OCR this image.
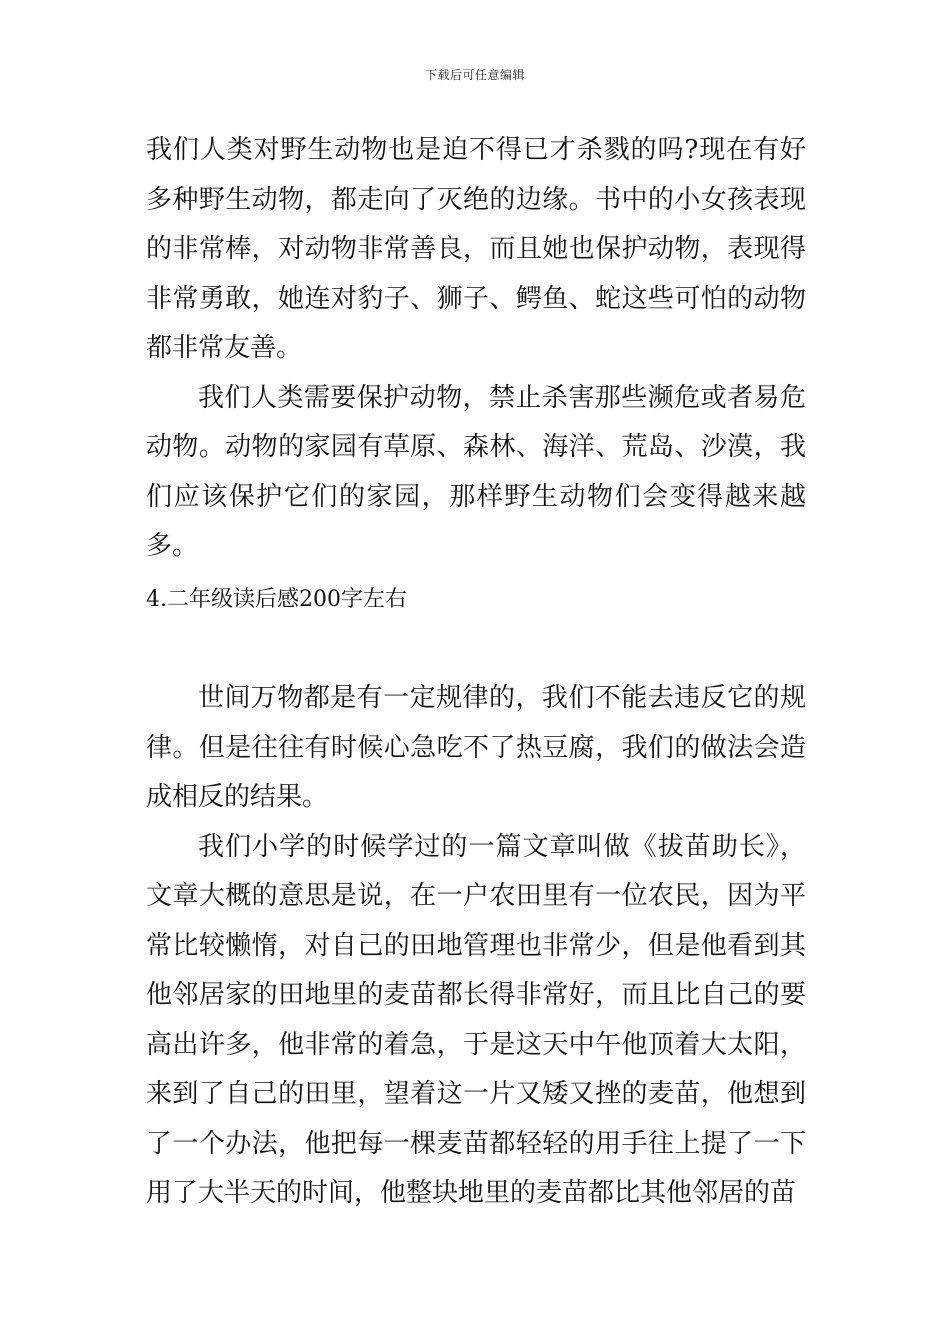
下载后可任意编辑

我们人类对野生动物也是迫不得已才杀戮的吗?现在有好多种野生动物，都走向了灭绝的边缘。书中的小女孩表现的非常棒，对动物非常善良，而且她也保护动物，表现得非常勇敢，她连对豹子、狮子、鳄鱼、蛇这些可怕的动物都非常友善。

我们人类需要保护动物，禁止杀害那些濒危或者易危动物。动物的家园有草原、森林、海洋、荒岛、沙漠，我们应该保护它们的家园，那样野生动物们会变得越来越多。

4.二年级读后感200字左右

世间万物都是有一定规律的，我们不能去违反它的规律。但是往往有时候心急吃不了热豆腐，我们的做法会造成相反的结果。

我们小学的时候学过的一篇文章叫做《拔苗助长》，文章大概的意思是说，在一户农田里有一位农民，因为平常比较懒惰，对自己的田地管理也非常少，但是他看到其他邻居家的田地里的麦苗都长得非常好，而且比自己的要高出许多，他非常的着急，于是这天中午他顶着大太阳，来到了自己的田里，望着这一片又矮又挫的麦苗，他想到了一个办法，他把每一棵麦苗都轻轻的用手往上提了一下用了大半天的时间，他整块地里的麦苗都比其他邻居的苗
